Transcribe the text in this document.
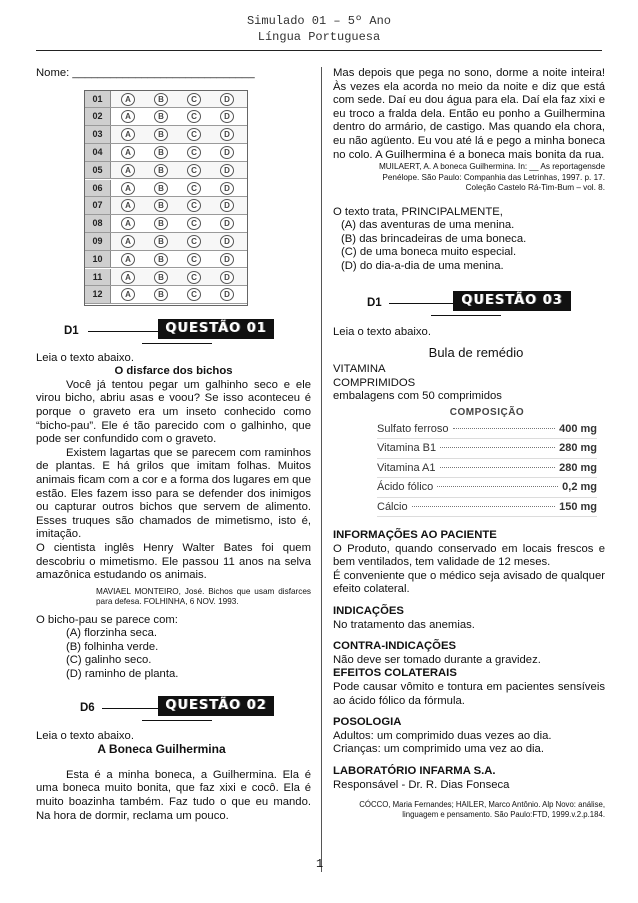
Simulado 01 – 5º Ano
Língua Portuguesa
Nome: _____________________________
01	A	B	C	D
02	A	B	C	D
03	A	B	C	D
04	A	B	C	D
05	A	B	C	D
06	A	B	C	D
07	A	B	C	D
08	A	B	C	D
09	A	B	C	D
10	A	B	C	D
11	A	B	C	D
12	A	B	C	D
D1	QUESTÃO 01
Leia o texto abaixo.
O disfarce dos bichos

Você já tentou pegar um galhinho seco e ele virou bicho, abriu asas e voou? Se isso aconteceu é porque o graveto era um inseto conhecido como “bicho-pau”. Ele é tão parecido com o galhinho, que pode ser confundido com o graveto.

Existem lagartas que se parecem com raminhos de plantas. E há grilos que imitam folhas. Muitos animais ficam com a cor e a forma dos lugares em que estão. Eles fazem isso para se defender dos inimigos ou capturar outros bichos que servem de alimento. Esses truques são chamados de mimetismo, isto é, imitação.

O cientista inglês Henry Walter Bates foi quem descobriu o mimetismo. Ele passou 11 anos na selva amazônica estudando os animais.

MAVIAEL MONTEIRO, José. Bichos que usam disfarces para defesa. FOLHINHA, 6 NOV. 1993.

O bicho-pau se parece com:
(A) florzinha seca.
(B) folhinha verde.
(C) galinho seco.
(D) raminho de planta.
D6	QUESTÃO 02
Leia o texto abaixo.
A Boneca Guilhermina

Esta é a minha boneca, a Guilhermina. Ela é uma boneca muito bonita, que faz xixi e cocô. Ela é muito boazinha também. Faz tudo o que eu mando. Na hora de dormir, reclama um pouco.

Mas depois que pega no sono, dorme a noite inteira! Às vezes ela acorda no meio da noite e diz que está com sede. Daí eu dou água para ela. Daí ela faz xixi e eu troco a fralda dela. Então eu ponho a Guilhermina dentro do armário, de castigo. Mas quando ela chora, eu não agüento. Eu vou até lá e pego a minha boneca no colo. A Guilhermina é a boneca mais bonita da rua.

MUILAERT, A. A boneca Guilhermina. In: __ As reportagensde Penélope. São Paulo: Companhia das Letrinhas, 1997. p. 17.

Coleção Castelo Rá-Tim-Bum – vol. 8.

O texto trata, PRINCIPALMENTE,
(A) das aventuras de uma menina.
(B) das brincadeiras de uma boneca.
(C) de uma boneca muito especial.
(D) do dia-a-dia de uma menina.
D1	QUESTÃO 03
Leia o texto abaixo.
Bula de remédio
VITAMINA
COMPRIMIDOS
embalagens com 50 comprimidos
COMPOSIÇÃO
Sulfato ferroso	400 mg
Vitamina B1	280 mg
Vitamina A1	280 mg
Ácido fólico	0,2 mg
Cálcio	150 mg
INFORMAÇÕES AO PACIENTE

O Produto, quando conservado em locais frescos e bem ventilados, tem validade de 12 meses.

É conveniente que o médico seja avisado de qualquer efeito colateral.

INDICAÇÕES

No tratamento das anemias.

CONTRA-INDICAÇÕES

Não deve ser tomado durante a gravidez.

EFEITOS COLATERAIS

Pode causar vômito e tontura em pacientes sensíveis ao ácido fólico da fórmula.

POSOLOGIA

Adultos: um comprimido duas vezes ao dia.

Crianças: um comprimido uma vez ao dia.

LABORATÓRIO INFARMA S.A.

Responsável - Dr. R. Dias Fonseca

CÓCCO, Maria Fernandes; HAILER, Marco Antônio. Alp Novo: análise, linguagem e pensamento. São Paulo:FTD, 1999.v.2.p.184.

1
